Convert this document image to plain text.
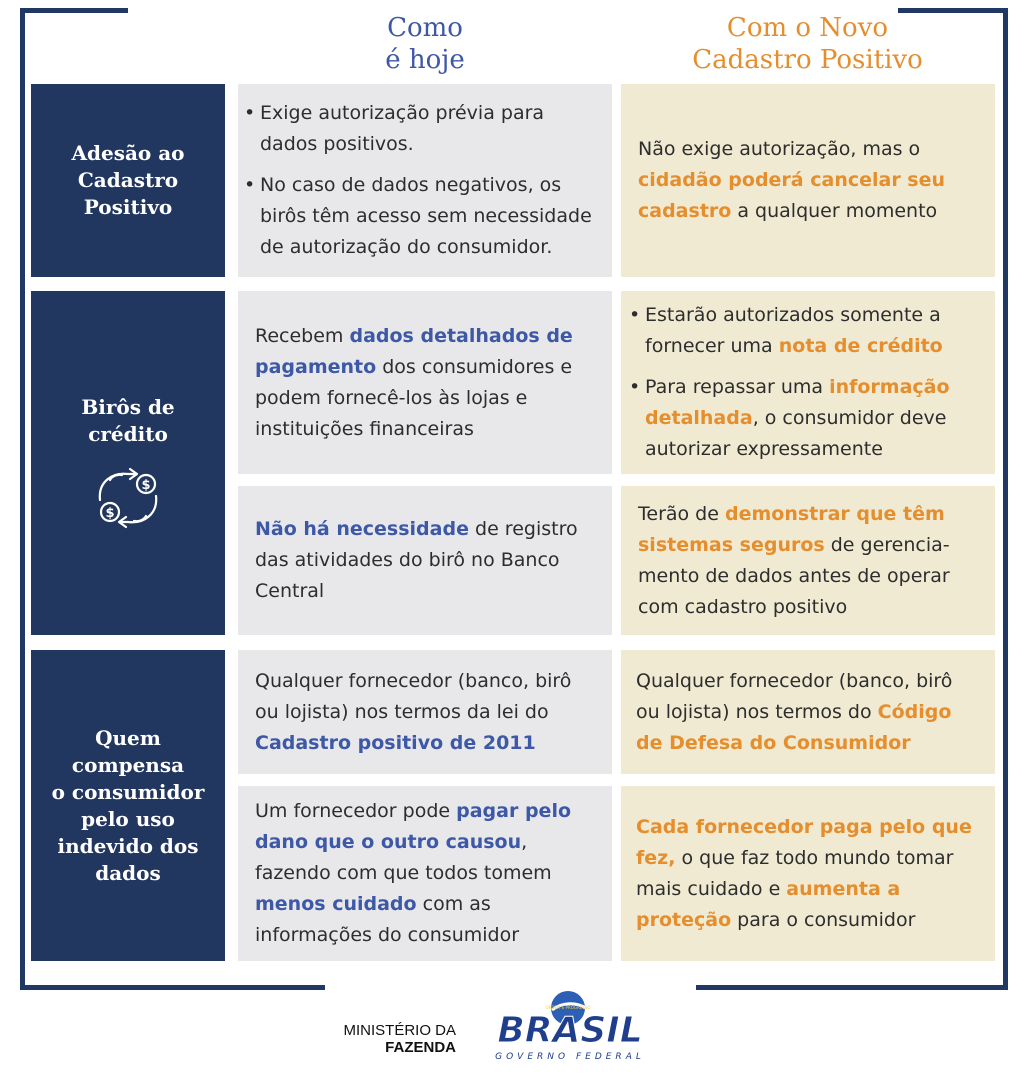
Como
é hoje
Com o Novo
Cadastro Positivo
Adesão ao
Cadastro
Positivo

• Exige autorização prévia para dados positivos.

• No caso de dados negativos, os birôs têm acesso sem necessidade de autorização do consumidor.

Não exige autorização, mas o
cidadão poderá cancelar seu cadastro a qualquer momento

Birôs de crédito
$
$

Recebem dados detalhados de pagamento dos consumidores e podem fornecê-los às lojas e instituições financeiras

• Estarão autorizados somente a fornecer uma nota de crédito

• Para repassar uma informação detalhada, o consumidor deve autorizar expressamente

Não há necessidade de registro das atividades do birô no Banco Central

Terão de demonstrar que têm sistemas seguros de gerencia-mento de dados antes de operar com cadastro positivo

Quem compensa
o consumidor
pelo uso
indevido dos
dados

Qualquer fornecedor (banco, birô ou lojista) nos termos da lei do Cadastro positivo de 2011

Qualquer fornecedor (banco, birô ou lojista) nos termos do Código de Defesa do Consumidor

Um fornecedor pode pagar pelo dano que o outro causou, fazendo com que todos tomem menos cuidado com as informações do consumidor

Cada fornecedor paga pelo que fez, o que faz todo mundo tomar mais cuidado e aumenta a proteção para o consumidor

MINISTÉRIO DA
FAZENDA
ORDEM E PROGRESSO
BRASIL
GOVERNO FEDERAL
